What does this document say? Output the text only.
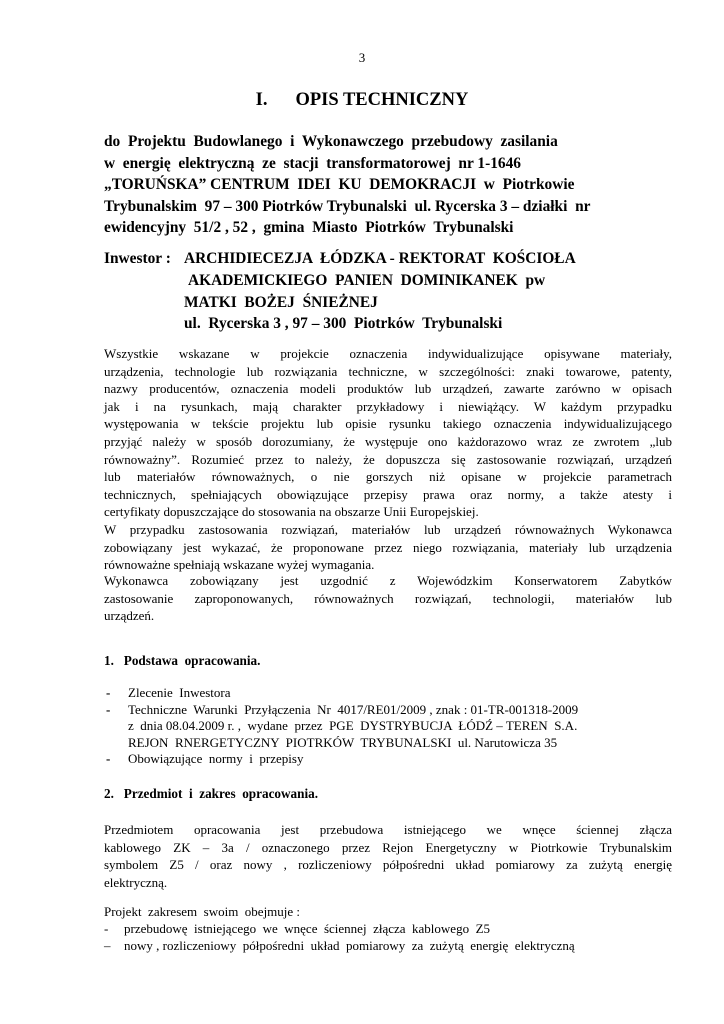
3
I. OPIS TECHNICZNY
do  Projektu  Budowlanego  i  Wykonawczego  przebudowy  zasilania
w  energię  elektryczną  ze  stacji  transformatorowej  nr 1-1646
„TORUŃSKA” CENTRUM  IDEI  KU  DEMOKRACJI  w  Piotrkowie
Trybunalskim  97 – 300 Piotrków Trybunalski  ul. Rycerska 3 – działki  nr
ewidencyjny  51/2 , 52 ,  gmina  Miasto  Piotrków  Trybunalski
Inwestor : ARCHIDIECEZJA  ŁÓDZKA - REKTORAT  KOŚCIOŁA
AKADEMICKIEGO  PANIEN  DOMINIKANEK  pw
MATKI  BOŻEJ  ŚNIEŻNEJ
ul.  Rycerska 3 , 97 – 300  Piotrków  Trybunalski
Wszystkie wskazane w projekcie oznaczenia indywidualizujące opisywane materiały,
urządzenia, technologie lub rozwiązania techniczne, w szczególności: znaki towarowe, patenty,
nazwy producentów, oznaczenia modeli produktów lub urządzeń, zawarte zarówno w opisach
jak i na rysunkach, mają charakter przykładowy i niewiążący. W każdym przypadku
występowania w tekście projektu lub opisie rysunku takiego oznaczenia indywidualizującego
przyjąć należy w sposób dorozumiany, że występuje ono każdorazowo wraz ze zwrotem „lub
równoważny”. Rozumieć przez to należy, że dopuszcza się zastosowanie rozwiązań, urządzeń
lub materiałów równoważnych, o nie gorszych niż opisane w projekcie parametrach
technicznych, spełniających obowiązujące przepisy prawa oraz normy, a także atesty i
certyfikaty dopuszczające do stosowania na obszarze Unii Europejskiej.
W przypadku zastosowania rozwiązań, materiałów lub urządzeń równoważnych Wykonawca
zobowiązany jest wykazać, że proponowane przez niego rozwiązania, materiały lub urządzenia
równoważne spełniają wskazane wyżej wymagania.
Wykonawca zobowiązany jest uzgodnić z Wojewódzkim Konserwatorem Zabytków
zastosowanie zaproponowanych, równoważnych rozwiązań, technologii, materiałów lub
urządzeń.
1.   Podstawa  opracowania.
- Zlecenie  Inwestora
- Techniczne  Warunki  Przyłączenia  Nr  4017/RE01/2009 , znak : 01-TR-001318-2009
z  dnia 08.04.2009 r. ,  wydane  przez  PGE  DYSTRYBUCJA  ŁÓDŹ – TEREN  S.A.
REJON  RNERGETYCZNY  PIOTRKÓW  TRYBUNALSKI  ul. Narutowicza 35
- Obowiązujące  normy  i  przepisy
2.   Przedmiot  i  zakres  opracowania.
Przedmiotem opracowania jest przebudowa istniejącego we wnęce ściennej złącza
kablowego ZK – 3a / oznaczonego przez Rejon Energetyczny w Piotrkowie Trybunalskim
symbolem Z5 / oraz nowy , rozliczeniowy półpośredni układ pomiarowy za zużytą energię
elektryczną.
Projekt  zakresem  swoim  obejmuje :
- przebudowę  istniejącego  we  wnęce  ściennej  złącza  kablowego  Z5
– nowy , rozliczeniowy  półpośredni  układ  pomiarowy  za  zużytą  energię  elektryczną
